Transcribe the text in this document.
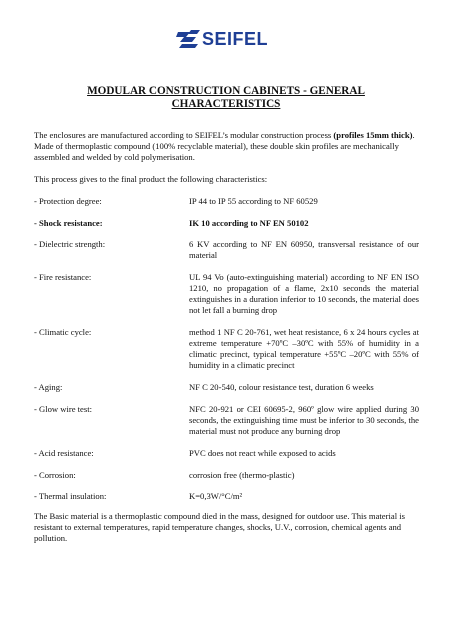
SEIFEL
MODULAR CONSTRUCTION CABINETS - GENERAL CHARACTERISTICS
The enclosures are manufactured according to SEIFEL’s modular construction process (profiles 15mm thick). Made of thermoplastic compound (100% recyclable material), these double skin profiles are mechanically assembled and welded by cold polymerisation.
This process gives to the final product the following characteristics:
- Protection degree:	IP 44 to IP 55 according to NF 60529
- Shock resistance:	IK 10 according to NF EN 50102
- Dielectric strength:	6 KV according to NF EN 60950, transversal resistance of our material
- Fire resistance:	UL 94 Vo (auto-extinguishing material) according to NF EN ISO 1210, no propagation of a flame, 2x10 seconds the material extinguishes in a duration inferior to 10 seconds, the material does not let fall a burning drop
- Climatic cycle:	method 1 NF C 20-761, wet heat resistance, 6 x 24 hours cycles at extreme temperature +70ºC –30ºC with 55% of humidity in a climatic precinct, typical temperature +55ºC –20ºC with 55% of humidity in a climatic precinct
- Aging:	NF C 20-540, colour resistance test, duration 6 weeks
- Glow wire test:	NFC 20-921 or CEI 60695-2, 960º glow wire applied during 30 seconds, the extinguishing time must be inferior to 30 seconds, the material must not produce any burning drop
- Acid resistance:	PVC does not react while exposed to acids
- Corrosion:	corrosion free (thermo-plastic)
- Thermal insulation:	K=0,3W/°C/m²
The Basic material is a thermoplastic compound died in the mass, designed for outdoor use. This material is resistant to external temperatures, rapid temperature changes, shocks, U.V., corrosion, chemical agents and pollution.
